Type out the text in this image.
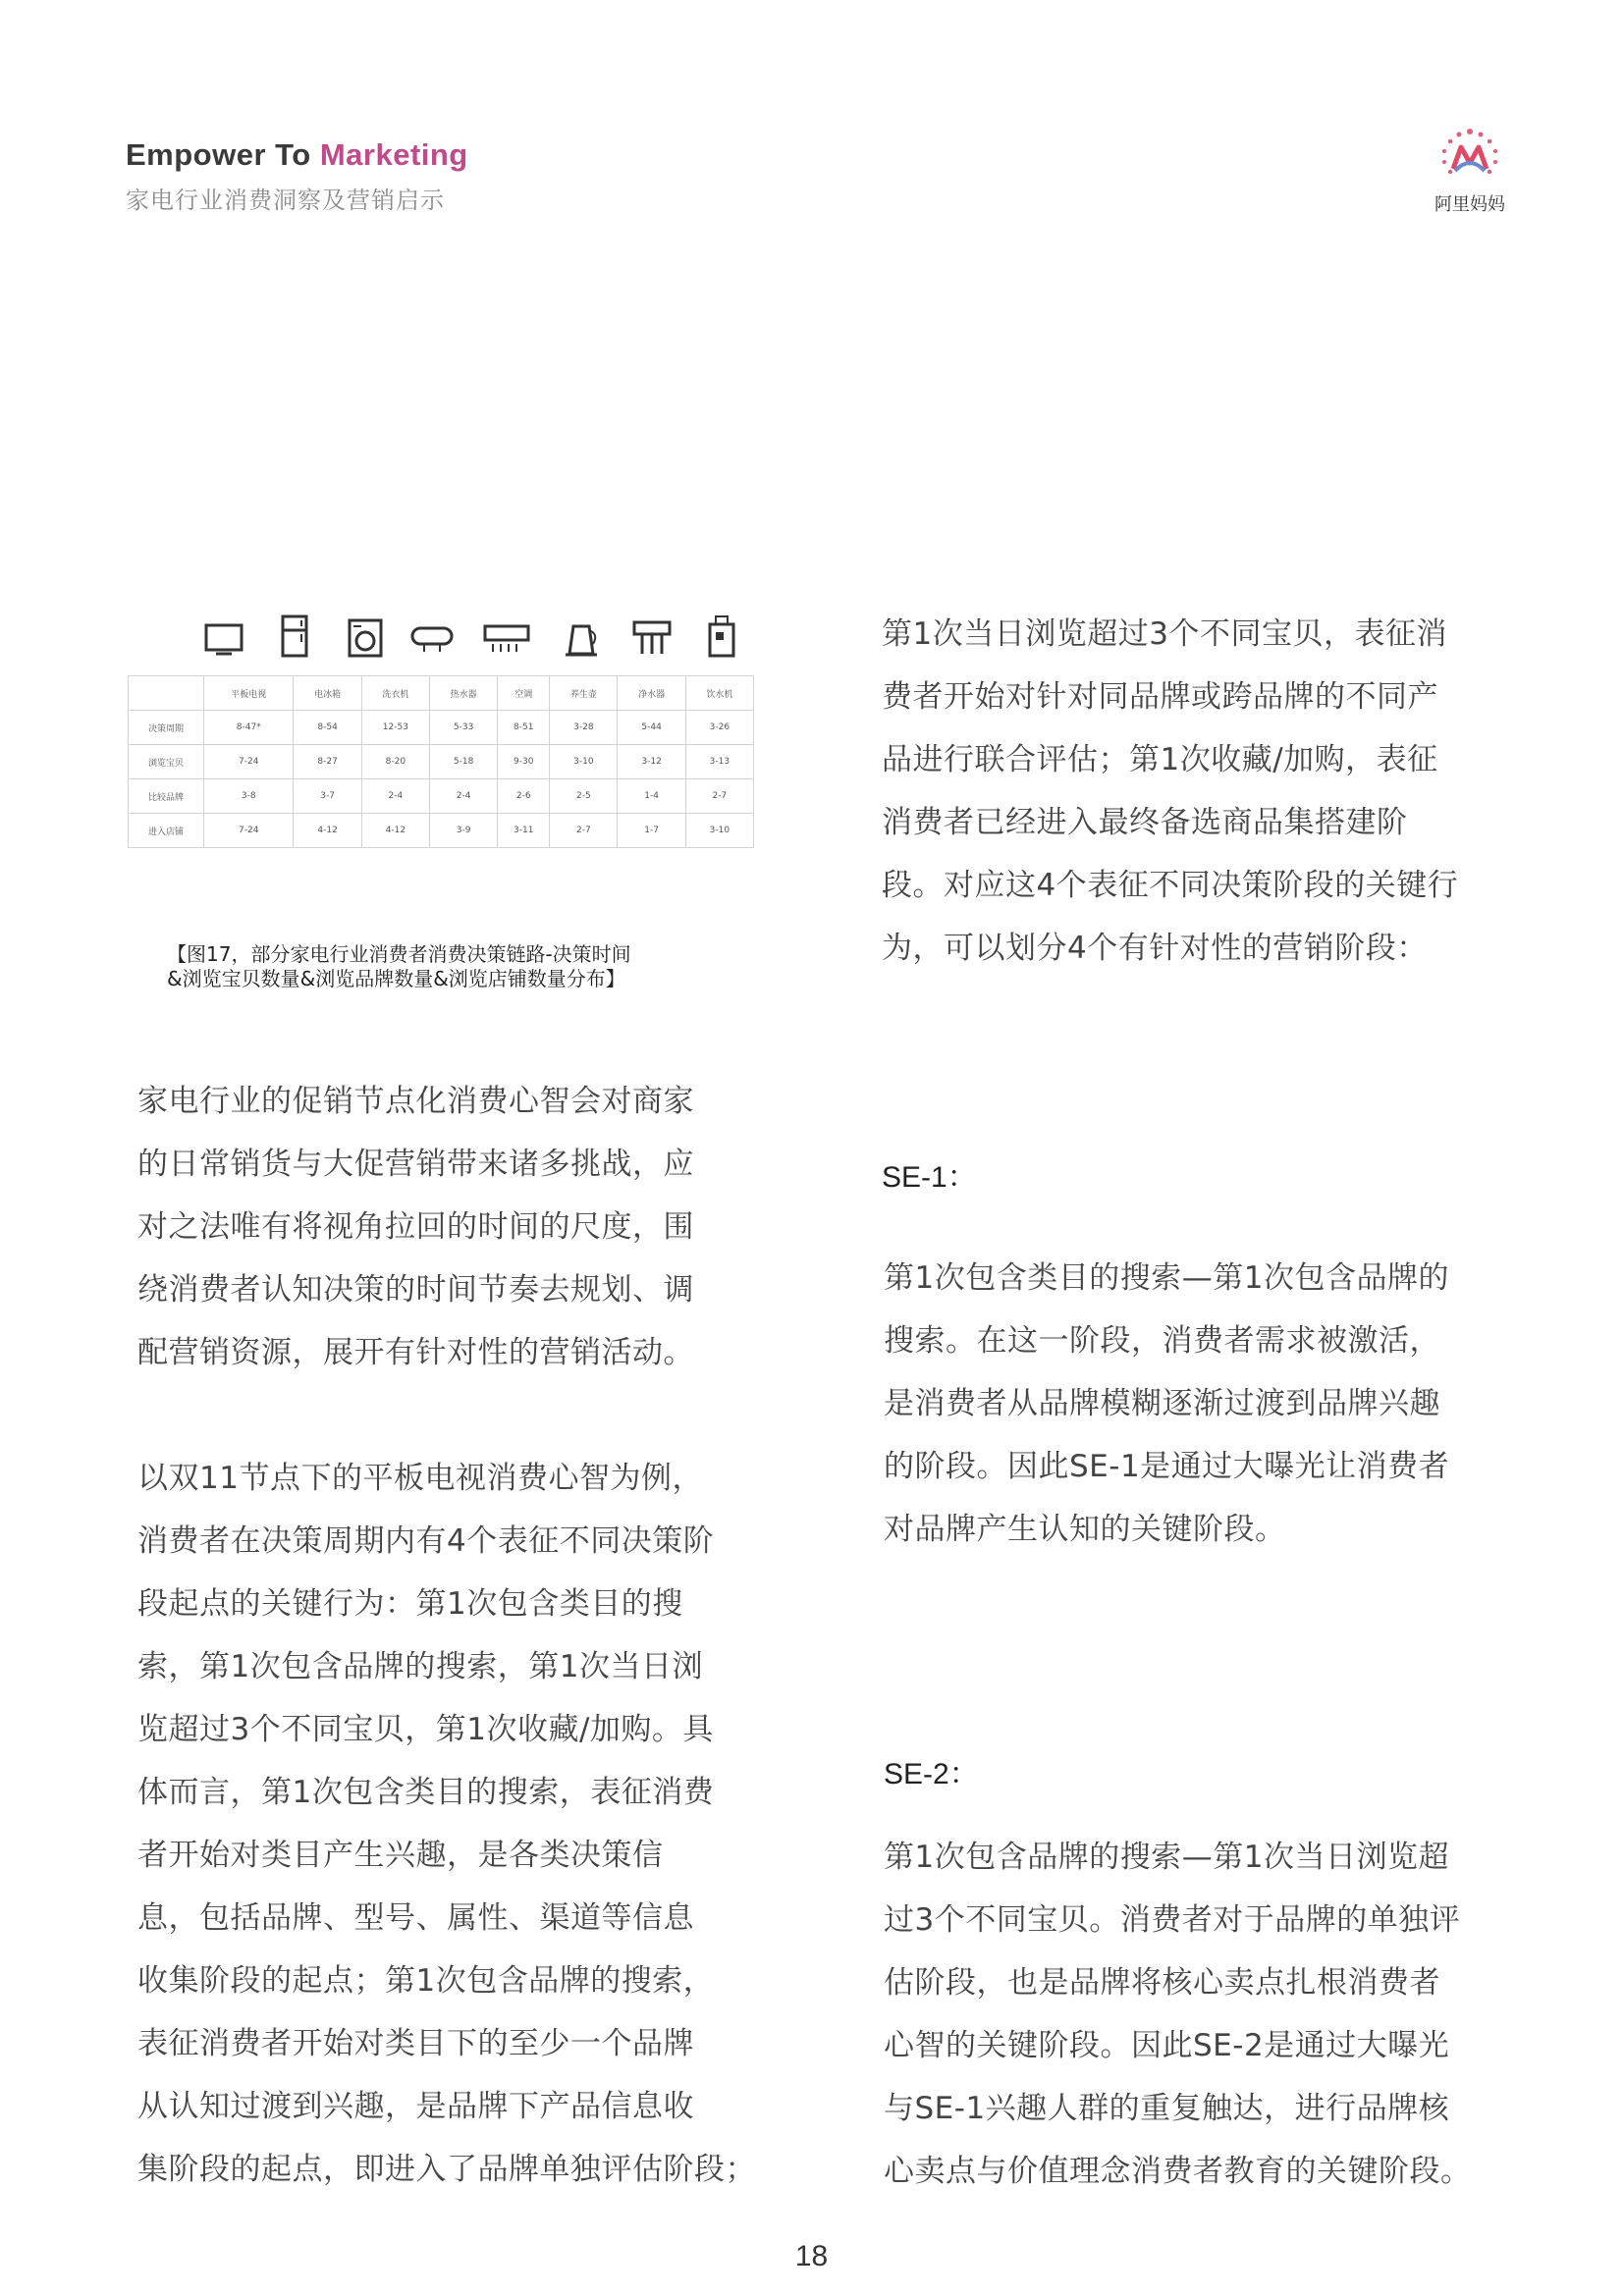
Empower To Marketing
家电行业消费洞察及营销启示	阿里妈妈
	平板电视	电冰箱	洗衣机	热水器	空调	养生壶	净水器	饮水机
决策周期	8-47*	8-54	12-53	5-33	8-51	3-28	5-44	3-26
浏览宝贝	7-24	8-27	8-20	5-18	9-30	3-10	3-12	3-13
比较品牌	3-8	3-7	2-4	2-4	2-6	2-5	1-4	2-7
进入店铺	7-24	4-12	4-12	3-9	3-11	2-7	1-7	3-10
【图17，部分家电行业消费者消费决策链路-决策时间
&浏览宝贝数量&浏览品牌数量&浏览店铺数量分布】
家电行业的促销节点化消费心智会对商家
的日常销货与大促营销带来诸多挑战，应
对之法唯有将视角拉回的时间的尺度，围
绕消费者认知决策的时间节奏去规划、调
配营销资源，展开有针对性的营销活动。
以双11节点下的平板电视消费心智为例，
消费者在决策周期内有4个表征不同决策阶
段起点的关键行为：第1次包含类目的搜
索，第1次包含品牌的搜索，第1次当日浏
览超过3个不同宝贝，第1次收藏/加购。具
体而言，第1次包含类目的搜索，表征消费
者开始对类目产生兴趣，是各类决策信
息，包括品牌、型号、属性、渠道等信息
收集阶段的起点；第1次包含品牌的搜索，
表征消费者开始对类目下的至少一个品牌
从认知过渡到兴趣，是品牌下产品信息收
集阶段的起点，即进入了品牌单独评估阶段；
第1次当日浏览超过3个不同宝贝，表征消
费者开始对针对同品牌或跨品牌的不同产
品进行联合评估；第1次收藏/加购，表征
消费者已经进入最终备选商品集搭建阶
段。对应这4个表征不同决策阶段的关键行
为，可以划分4个有针对性的营销阶段：
SE-1：
第1次包含类目的搜索—第1次包含品牌的
搜索。在这一阶段，消费者需求被激活，
是消费者从品牌模糊逐渐过渡到品牌兴趣
的阶段。因此SE-1是通过大曝光让消费者
对品牌产生认知的关键阶段。
SE-2：
第1次包含品牌的搜索—第1次当日浏览超
过3个不同宝贝。消费者对于品牌的单独评
估阶段，也是品牌将核心卖点扎根消费者
心智的关键阶段。因此SE-2是通过大曝光
与SE-1兴趣人群的重复触达，进行品牌核
心卖点与价值理念消费者教育的关键阶段。
18
